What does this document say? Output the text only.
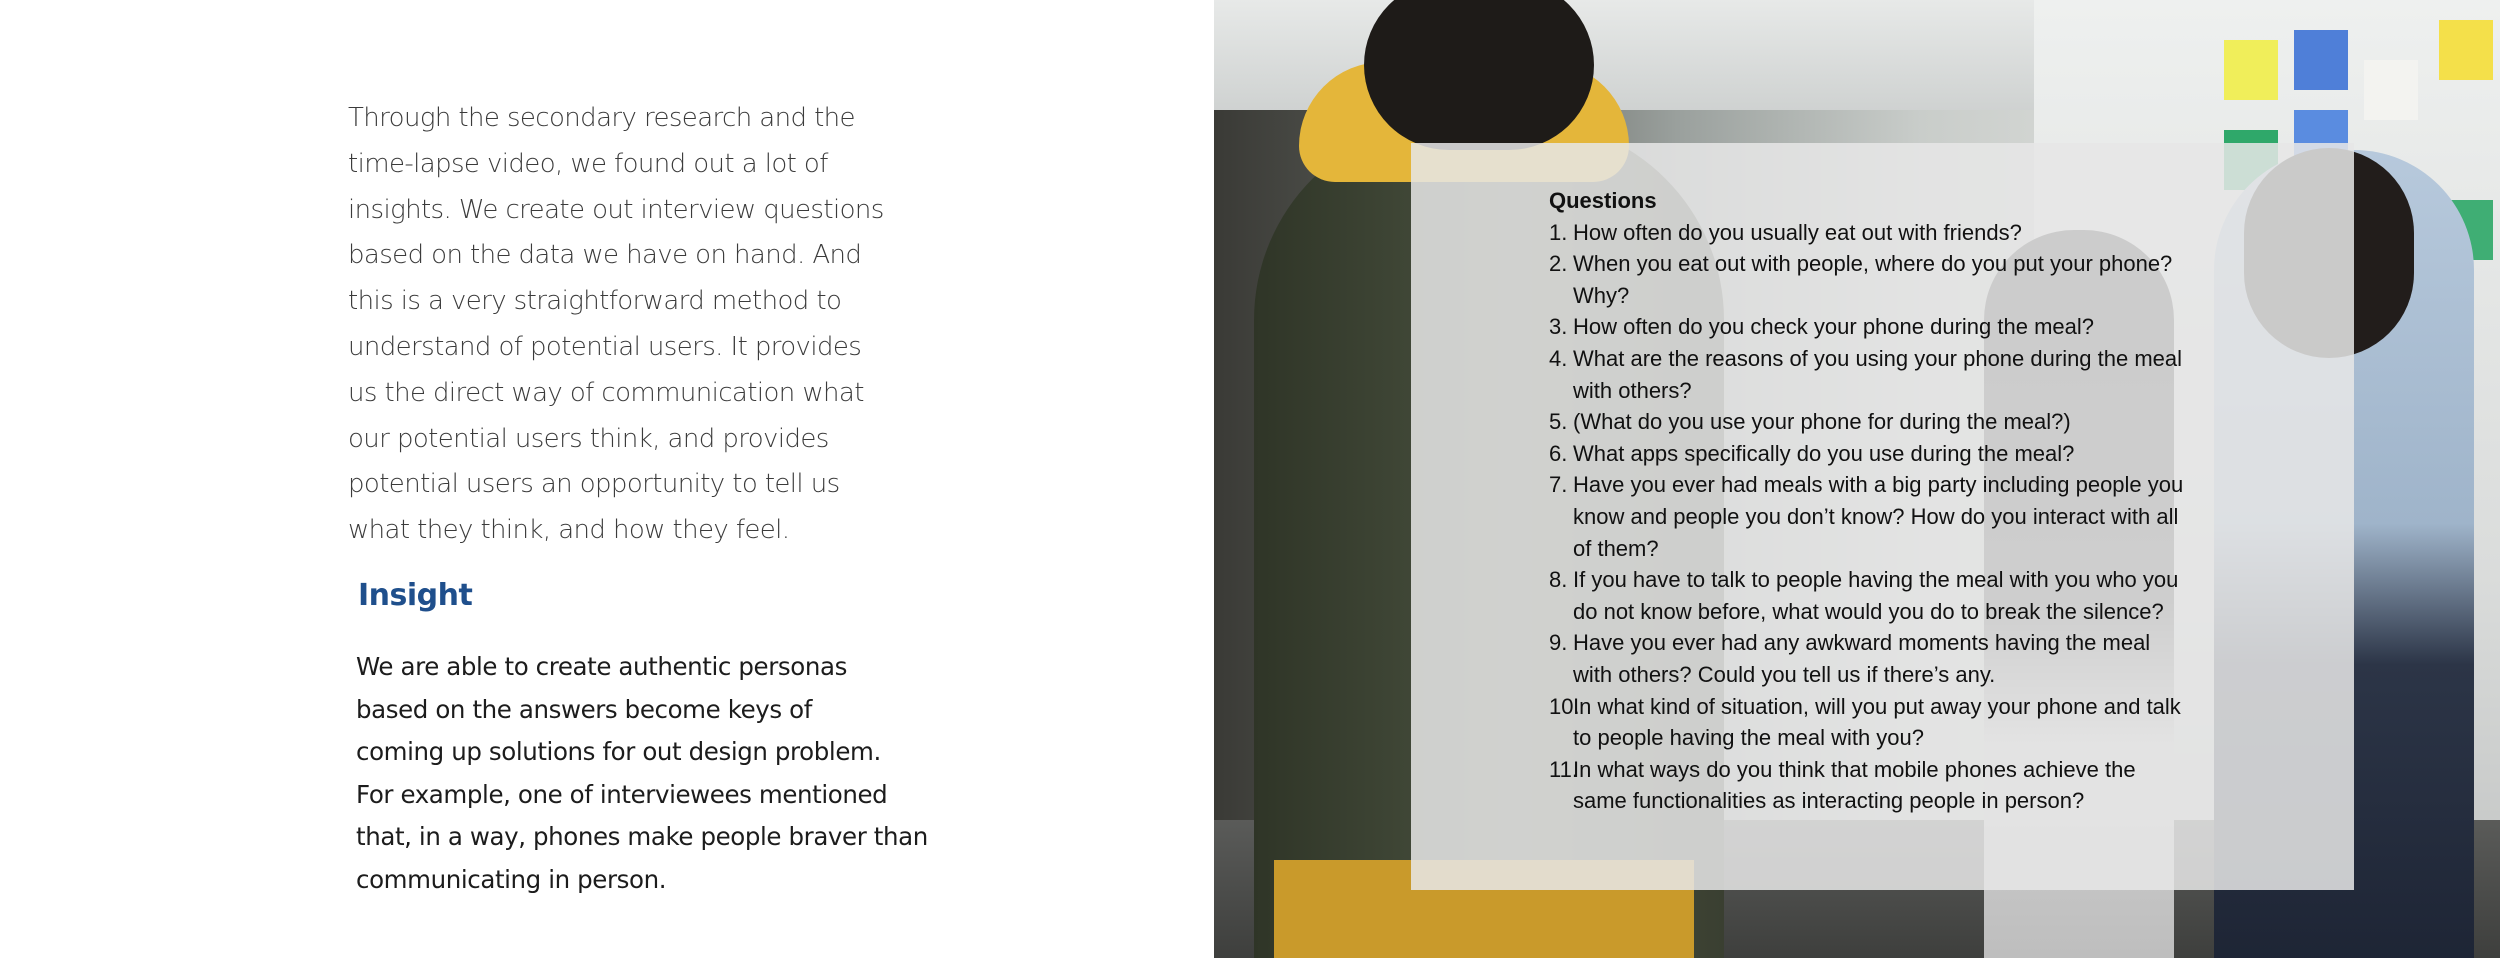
Through the secondary research and the
time-lapse video, we found out a lot of
insights. We create out interview questions
based on the data we have on hand. And
this is a very straightforward method to
understand of potential users. It provides
us the direct way of communication what
our potential users think, and provides
potential users an opportunity to tell us
what they think, and how they feel.

Insight

We are able to create authentic personas
based on the answers become keys of
coming up solutions for out design problem.
For example, one of interviewees mentioned
that, in a way, phones make people braver than
communicating in person.

Questions

1. How often do you usually eat out with friends?
2. When you eat out with people, where do you put your phone?
Why?
3. How often do you check your phone during the meal?
4. What are the reasons of you using your phone during the meal
with others?
5. (What do you use your phone for during the meal?)
6. What apps specifically do you use during the meal?
7. Have you ever had meals with a big party including people you
know and people you don’t know? How do you interact with all
of them?
8. If you have to talk to people having the meal with you who you
do not know before, what would you do to break the silence?
9. Have you ever had any awkward moments having the meal
with others? Could you tell us if there’s any.
10.
In what kind of situation, will you put away your phone and talk
to people having the meal with you?
11.
In what ways do you think that mobile phones achieve the
same functionalities as interacting people in person?
